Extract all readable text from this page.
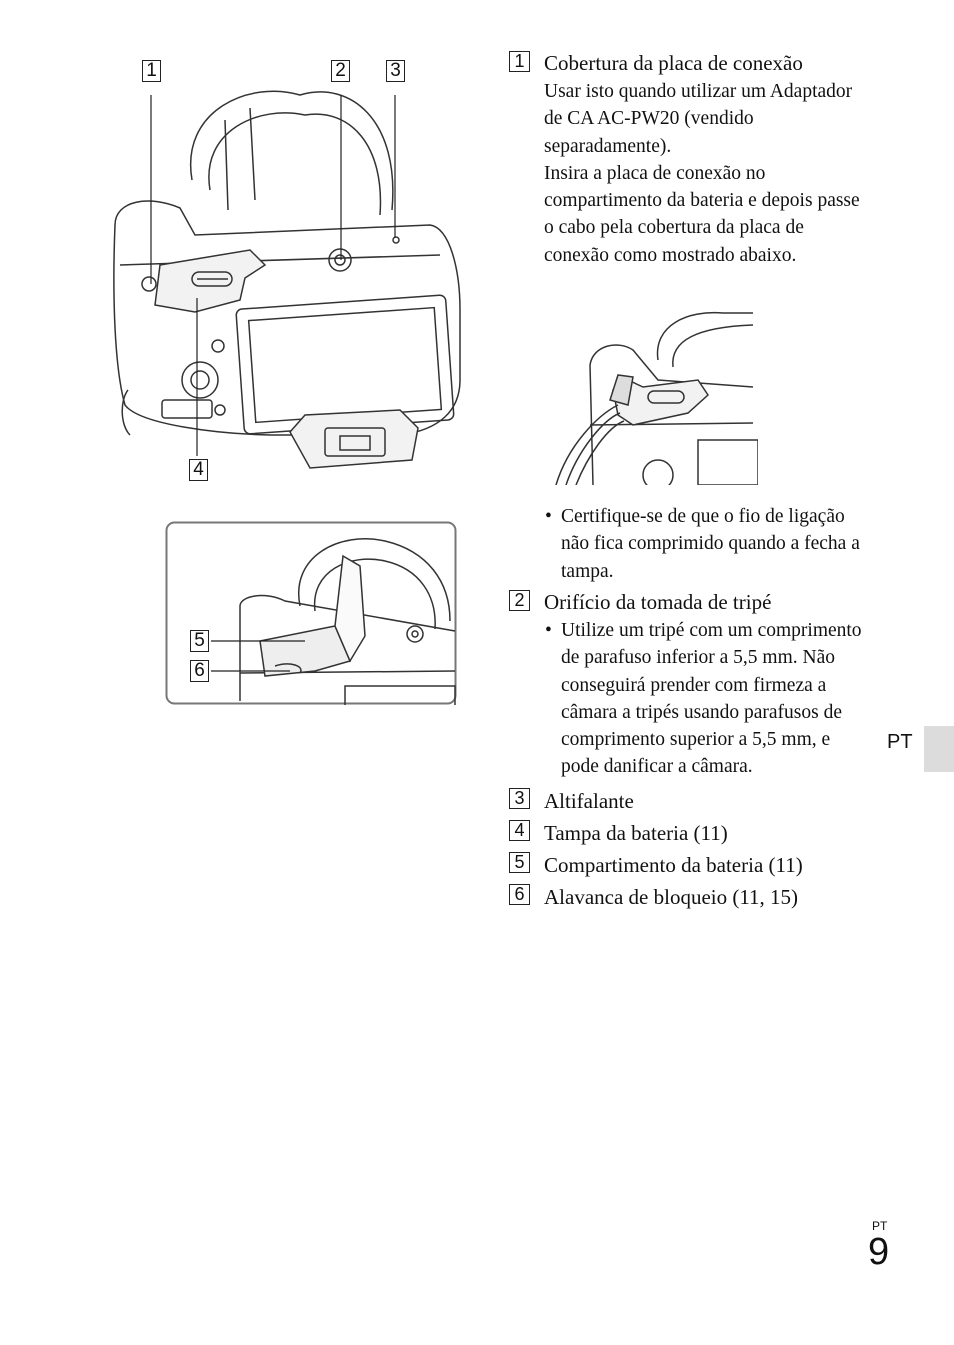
1	2 3
4
5
6
1 Cobertura da placa de conexão
Usar isto quando utilizar um Adaptador de CA AC-PW20 (vendido separadamente).
Insira a placa de conexão no compartimento da bateria e depois passe o cabo pela cobertura da placa de conexão como mostrado abaixo.
• Certifique-se de que o fio de ligação não fica comprimido quando a fecha a tampa.
2 Orifício da tomada de tripé
• Utilize um tripé com um comprimento de parafuso inferior a 5,5 mm. Não conseguirá prender com firmeza a câmara a tripés usando parafusos de comprimento superior a 5,5 mm, e pode danificar a câmara.
3 Altifalante
4 Tampa da bateria (11)
5 Compartimento da bateria (11)
6 Alavanca de bloqueio (11, 15)
PT
PT
9
